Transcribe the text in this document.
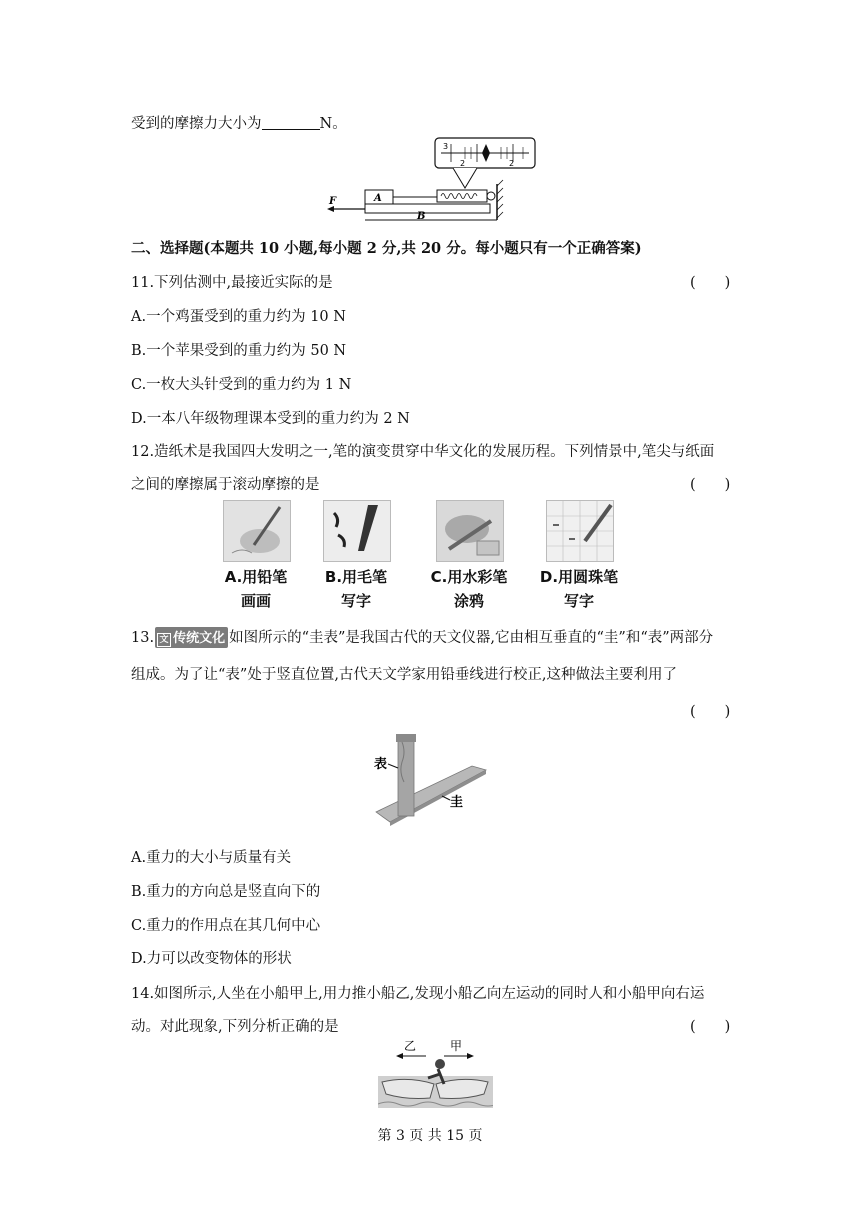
受到的摩擦力大小为	N。
3
2	2
B
A
F
二、选择题(本题共 10 小题,每小题 2 分,共 20 分。每小题只有一个正确答案)
11.下列估测中,最接近实际的是	(　　)
A.一个鸡蛋受到的重力约为 10 N
B.一个苹果受到的重力约为 50 N
C.一枚大头针受到的重力约为 1 N
D.一本八年级物理课本受到的重力约为 2 N
12.造纸术是我国四大发明之一,笔的演变贯穿中华文化的发展历程。下列情景中,笔尖与纸面
之间的摩擦属于滚动摩擦的是	(　　)
A.用铅笔
画画
B.用毛笔
写字
C.用水彩笔
涂鸦
D.用圆珠笔
写字
13. 文 传统文化 如图所示的“圭表”是我国古代的天文仪器,它由相互垂直的“圭”和“表”两部分
组成。为了让“表”处于竖直位置,古代天文学家用铅垂线进行校正,这种做法主要利用了
(　　)
表
圭
A.重力的大小与质量有关
B.重力的方向总是竖直向下的
C.重力的作用点在其几何中心
D.力可以改变物体的形状
14.如图所示,人坐在小船甲上,用力推小船乙,发现小船乙向左运动的同时人和小船甲向右运
动。对此现象,下列分析正确的是	(　　)
乙	甲
第 3 页 共 15 页
